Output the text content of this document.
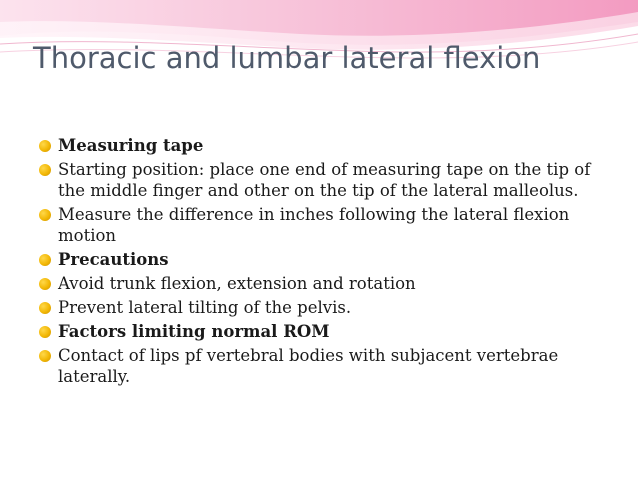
Thoracic and lumbar lateral flexion
Measuring tape
Starting position: place one end of measuring tape on the tip of the middle finger and other on the tip of the lateral malleolus.
Measure the difference in inches following the lateral flexion motion
Precautions
Avoid trunk flexion, extension and rotation
Prevent lateral tilting of the pelvis.
Factors limiting normal ROM
Contact of lips pf vertebral bodies with subjacent vertebrae laterally.
